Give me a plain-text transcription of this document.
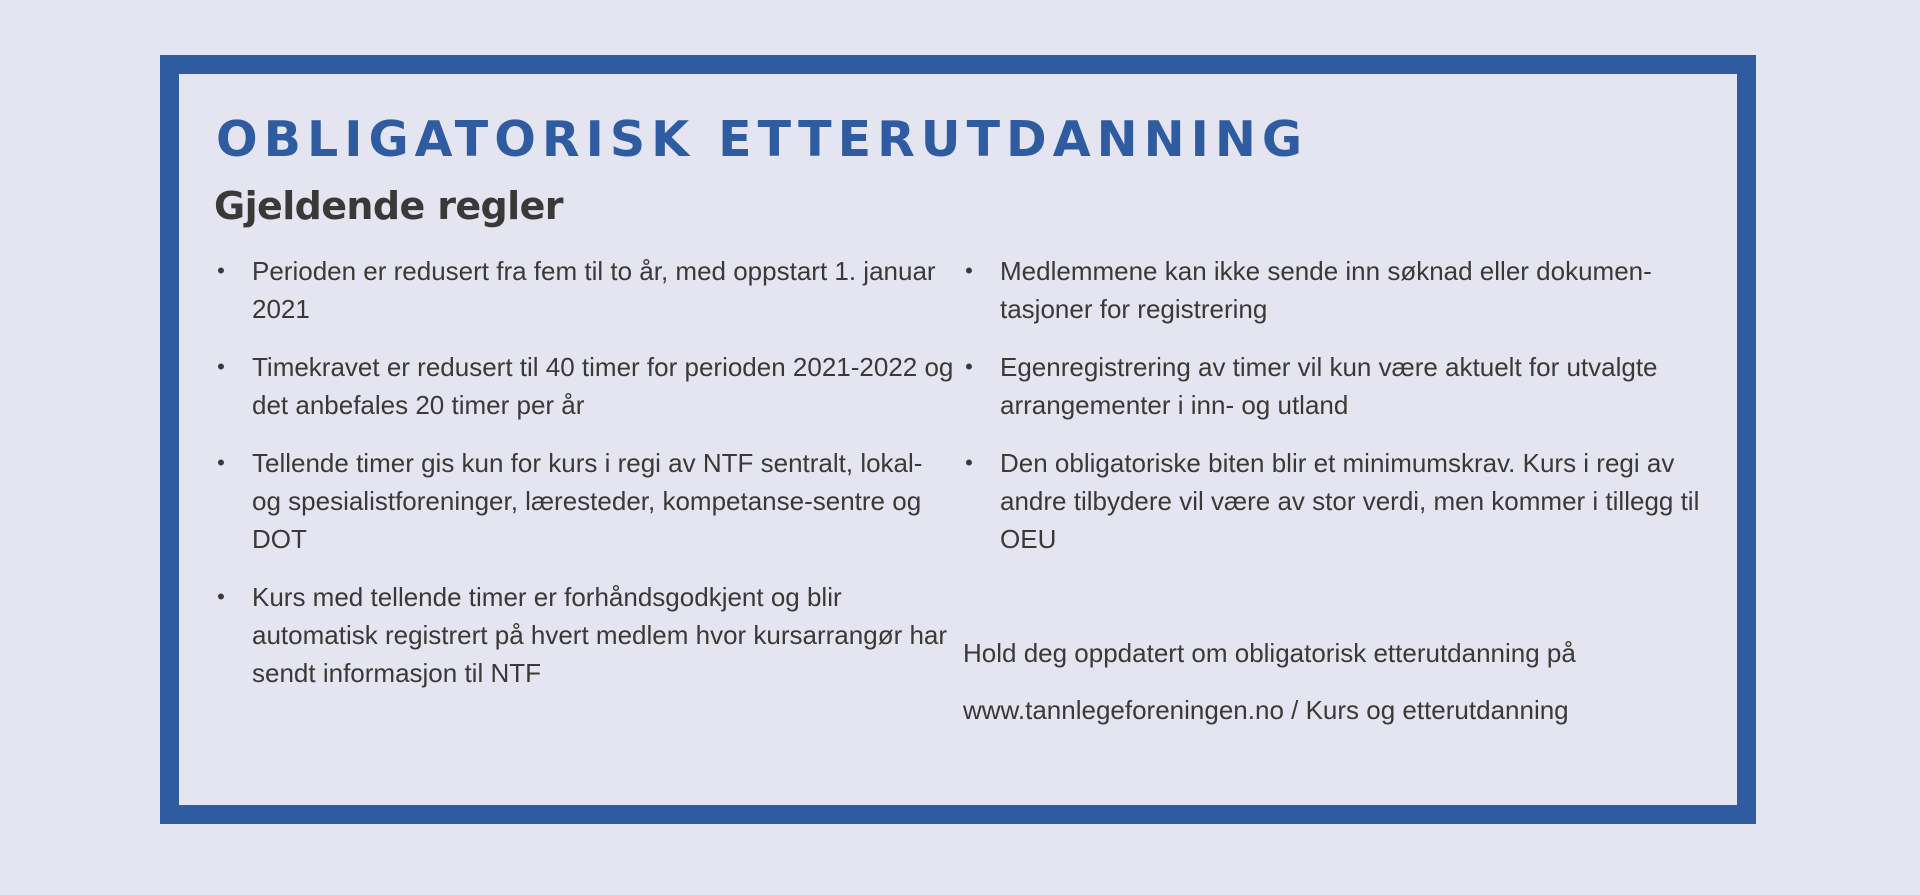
OBLIGATORISK ETTERUTDANNING
Gjeldende regler
• Perioden er redusert fra fem til to år, med oppstart 1. januar 2021
• Timekravet er redusert til 40 timer for perioden 2021-2022 og det anbefales 20 timer per år
• Tellende timer gis kun for kurs i regi av NTF sentralt, lokal- og spesialistforeninger, læresteder, kompetanse-sentre og DOT
• Kurs med tellende timer er forhåndsgodkjent og blir automatisk registrert på hvert medlem hvor kursarrangør har sendt informasjon til NTF
• Medlemmene kan ikke sende inn søknad eller dokumen-tasjoner for registrering
• Egenregistrering av timer vil kun være aktuelt for utvalgte arrangementer i inn- og utland
• Den obligatoriske biten blir et minimumskrav. Kurs i regi av andre tilbydere vil være av stor verdi, men kommer i tillegg til OEU

Hold deg oppdatert om obligatorisk etterutdanning på

www.tannlegeforeningen.no / Kurs og etterutdanning
